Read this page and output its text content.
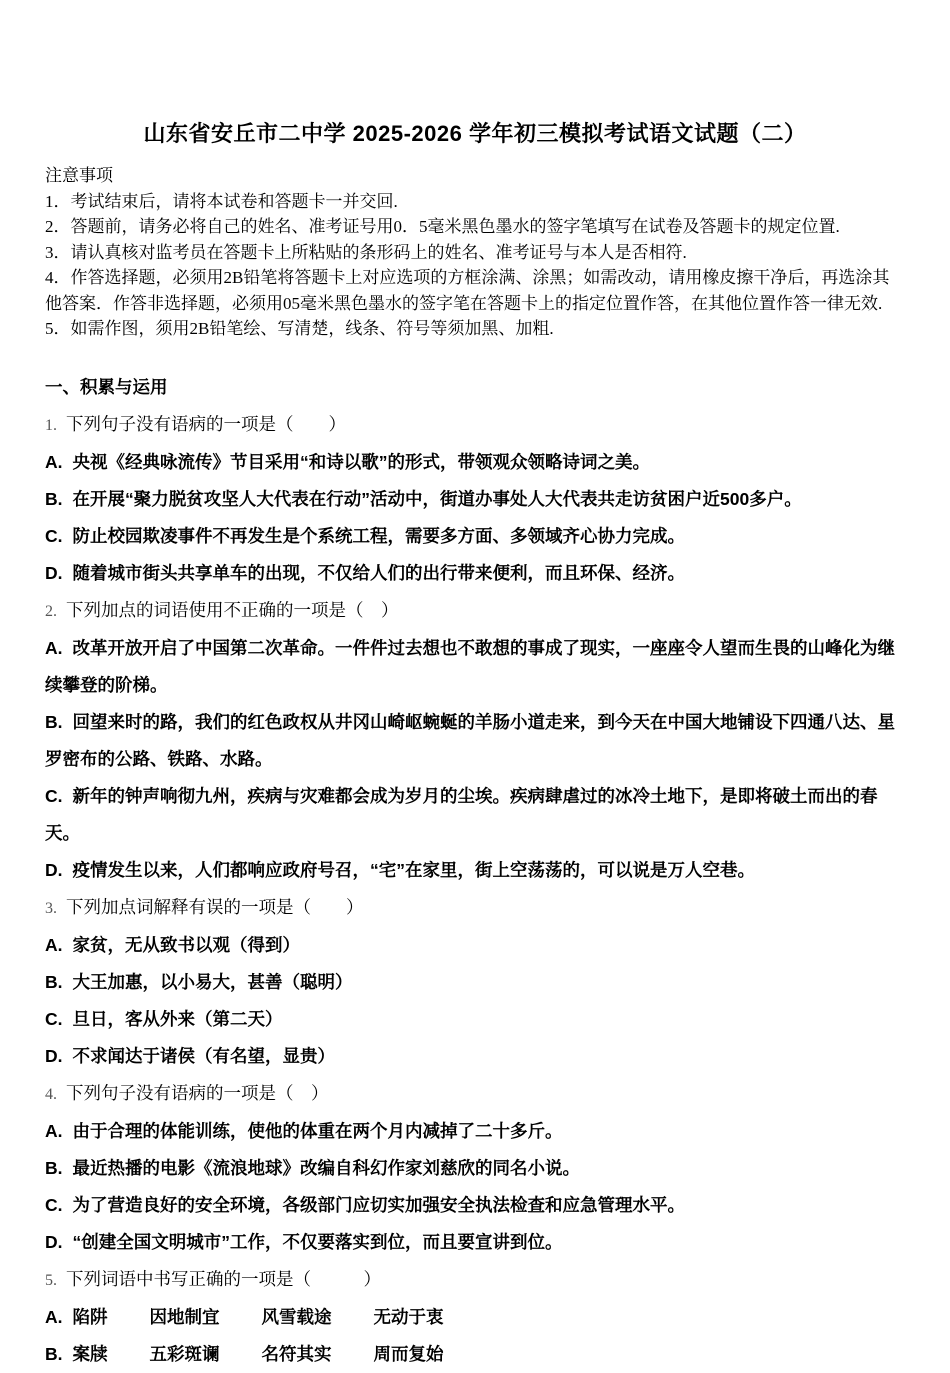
山东省安丘市二中学 2025-2026 学年初三模拟考试语文试题（二）

注意事项

1．考试结束后，请将本试卷和答题卡一并交回.

2．答题前，请务必将自己的姓名、准考证号用0．5毫米黑色墨水的签字笔填写在试卷及答题卡的规定位置.

3．请认真核对监考员在答题卡上所粘贴的条形码上的姓名、准考证号与本人是否相符.

4．作答选择题，必须用2B铅笔将答题卡上对应选项的方框涂满、涂黑；如需改动，请用橡皮擦干净后，再选涂其他答案．作答非选择题，必须用05毫米黑色墨水的签字笔在答题卡上的指定位置作答，在其他位置作答一律无效.

5．如需作图，须用2B铅笔绘、写清楚，线条、符号等须加黑、加粗.

一、积累与运用

1. 下列句子没有语病的一项是（　　）

A. 央视《经典咏流传》节目采用“和诗以歌”的形式，带领观众领略诗词之美。

B. 在开展“聚力脱贫攻坚人大代表在行动”活动中，街道办事处人大代表共走访贫困户近500多户。

C. 防止校园欺凌事件不再发生是个系统工程，需要多方面、多领域齐心协力完成。

D. 随着城市街头共享单车的出现，不仅给人们的出行带来便利，而且环保、经济。

2. 下列加点的词语使用不正确的一项是（　）

A. 改革开放开启了中国第二次革命。一件件过去想也不敢想的事成了现实，一座座令人望而生畏的山峰化为继续攀登的阶梯。

B. 回望来时的路，我们的红色政权从井冈山崎岖蜿蜒的羊肠小道走来，到今天在中国大地铺设下四通八达、星罗密布的公路、铁路、水路。

C. 新年的钟声响彻九州，疾病与灾难都会成为岁月的尘埃。疾病肆虐过的冰冷土地下，是即将破土而出的春天。

D. 疫情发生以来，人们都响应政府号召，“宅”在家里，街上空荡荡的，可以说是万人空巷。

3. 下列加点词解释有误的一项是（　　）

A. 家贫，无从致书以观（得到）

B. 大王加惠，以小易大，甚善（聪明）

C. 旦日，客从外来（第二天）

D. 不求闻达于诸侯（有名望，显贵）

4. 下列句子没有语病的一项是（　）

A. 由于合理的体能训练，使他的体重在两个月内减掉了二十多斤。

B. 最近热播的电影《流浪地球》改编自科幻作家刘慈欣的同名小说。

C. 为了营造良好的安全环境，各级部门应切实加强安全执法检查和应急管理水平。

D. “创建全国文明城市”工作，不仅要落实到位，而且要宣讲到位。

5. 下列词语中书写正确的一项是（　　　）

A. 陷阱 因地制宜 风雪载途 无动于衷

B. 案牍 五彩斑谰 名符其实 周而复始
